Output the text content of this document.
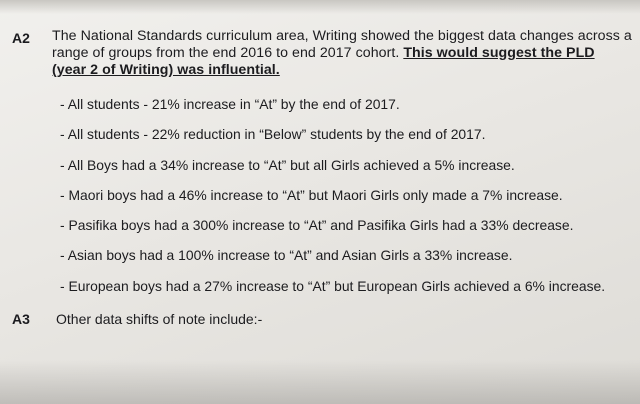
A2 The National Standards curriculum area, Writing showed the biggest data changes across a range of groups from the end 2016 to end 2017 cohort. This would suggest the PLD (year 2 of Writing) was influential.
- All students - 21% increase in “At” by the end of 2017.
- All students - 22% reduction in “Below” students by the end of 2017.
- All Boys had a 34% increase to “At” but all Girls achieved a 5% increase.
- Maori boys had a 46% increase to “At” but Maori Girls only made a 7% increase.
- Pasifika boys had a 300% increase to “At” and Pasifika Girls had a 33% decrease.
- Asian boys had a 100% increase to “At” and Asian Girls a 33% increase.
- European boys had a 27% increase to “At” but European Girls achieved a 6% increase.
A3 Other data shifts of note include:-
